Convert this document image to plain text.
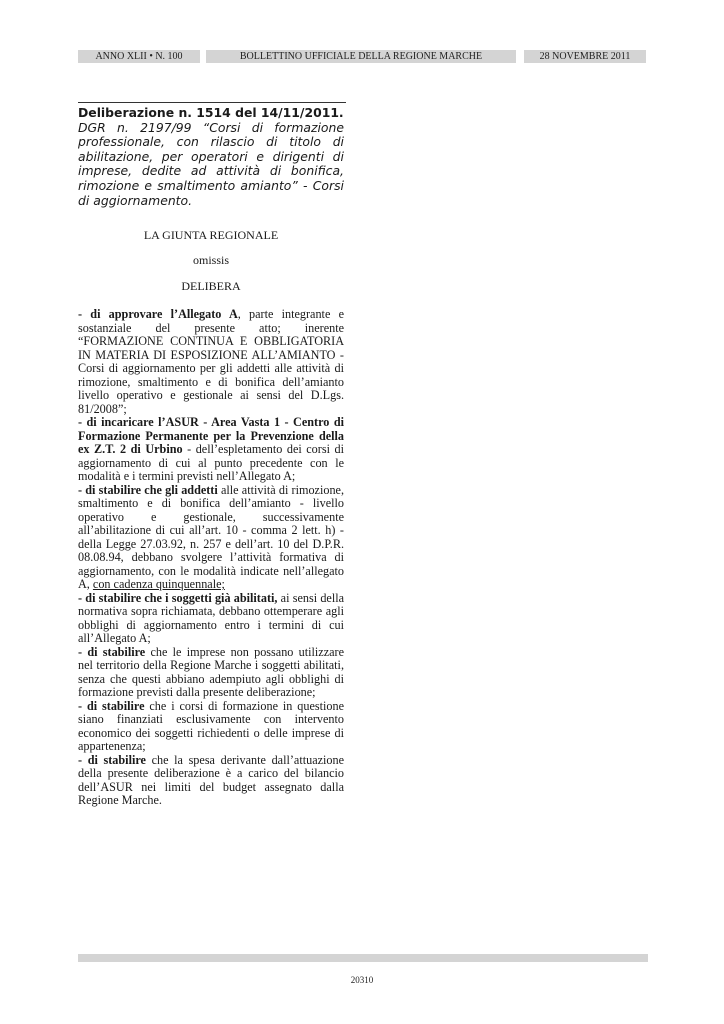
ANNO XLII • N. 100	BOLLETTINO UFFICIALE DELLA REGIONE MARCHE	28 NOVEMBRE 2011
Deliberazione n. 1514 del 14/11/2011.
DGR n. 2197/99 “Corsi di formazione professionale, con rilascio di titolo di abilitazione, per operatori e dirigenti di imprese, dedite ad attività di bonifica, rimozione e smaltimento amianto” - Corsi di aggiornamento.
LA GIUNTA REGIONALE
omissis
DELIBERA

- di approvare l’Allegato A, parte integrante e sostanziale del presente atto; inerente “FORMAZIONE CONTINUA E OBBLIGATORIA IN MATERIA DI ESPOSIZIONE ALL’AMIANTO - Corsi di aggiornamento per gli addetti alle attività di rimozione, smaltimento e di bonifica dell’amianto livello operativo e gestionale ai sensi del D.Lgs. 81/2008”;

- di incaricare l’ASUR - Area Vasta 1 - Centro di Formazione Permanente per la Prevenzione della ex Z.T. 2 di Urbino - dell’espletamento dei corsi di aggiornamento di cui al punto precedente con le modalità e i termini previsti nell’Allegato A;

- di stabilire che gli addetti alle attività di rimozione, smaltimento e di bonifica dell’amianto - livello operativo e gestionale, successivamente all’abilitazione di cui all’art. 10 - comma 2 lett. h) - della Legge 27.03.92, n. 257 e dell’art. 10 del D.P.R. 08.08.94, debbano svolgere l’attività formativa di aggiornamento, con le modalità indicate nell’allegato A, con cadenza quinquennale;

- di stabilire che i soggetti già abilitati, ai sensi della normativa sopra richiamata, debbano ottemperare agli obblighi di aggiornamento entro i termini di cui all’Allegato A;

- di stabilire che le imprese non possano utilizzare nel territorio della Regione Marche i soggetti abilitati, senza che questi abbiano adempiuto agli obblighi di formazione previsti dalla presente deliberazione;

- di stabilire che i corsi di formazione in questione siano finanziati esclusivamente con intervento economico dei soggetti richiedenti o delle imprese di appartenenza;

- di stabilire che la spesa derivante dall’attuazione della presente deliberazione è a carico del bilancio dell’ASUR nei limiti del budget assegnato dalla Regione Marche.

20310
